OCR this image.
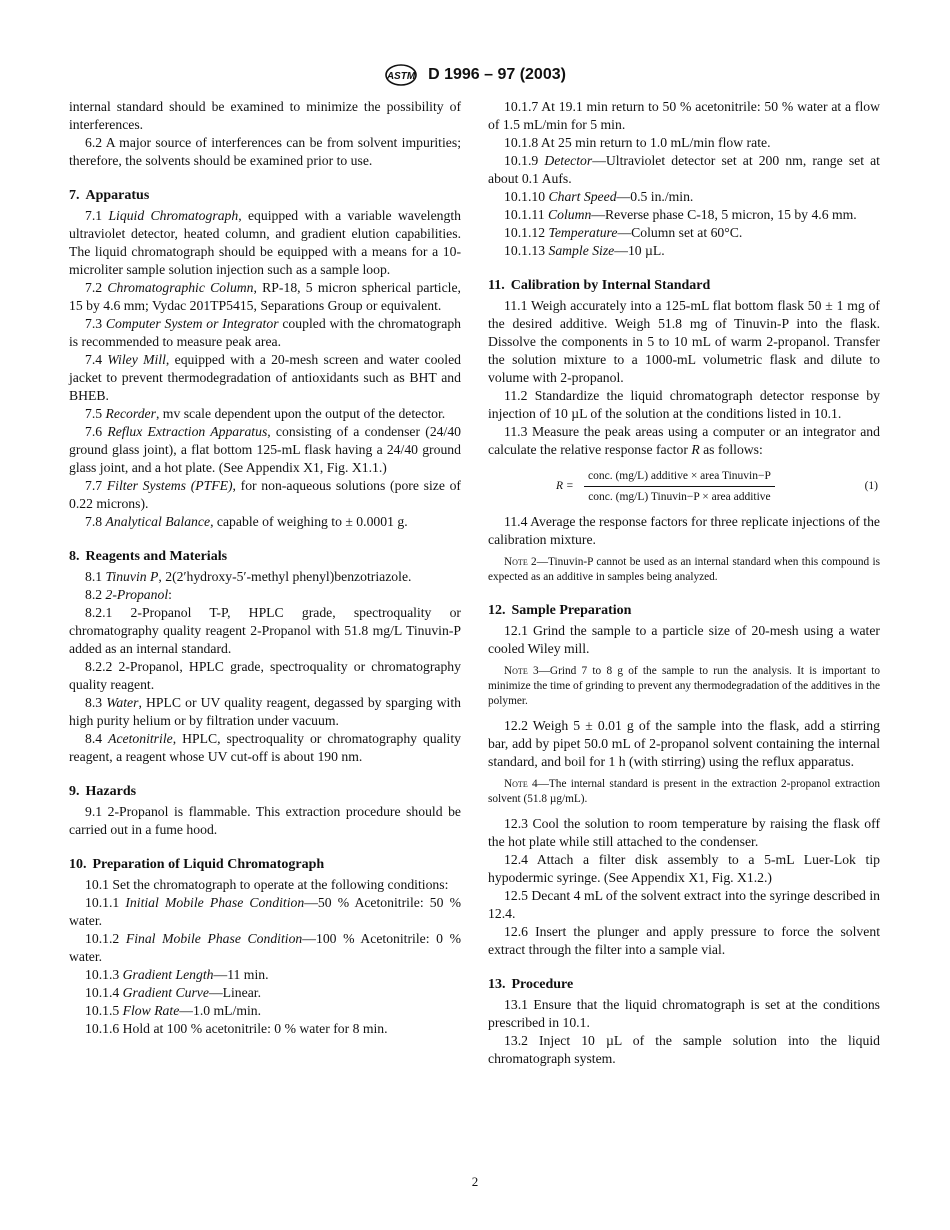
ASTM D 1996 – 97 (2003)

internal standard should be examined to minimize the possibility of interferences.

6.2 A major source of interferences can be from solvent impurities; therefore, the solvents should be examined prior to use.

7. Apparatus

7.1 Liquid Chromatograph, equipped with a variable wavelength ultraviolet detector, heated column, and gradient elution capabilities. The liquid chromatograph should be equipped with a means for a 10-microliter sample solution injection such as a sample loop.

7.2 Chromatographic Column, RP-18, 5 micron spherical particle, 15 by 4.6 mm; Vydac 201TP5415, Separations Group or equivalent.

7.3 Computer System or Integrator coupled with the chromatograph is recommended to measure peak area.

7.4 Wiley Mill, equipped with a 20-mesh screen and water cooled jacket to prevent thermodegradation of antioxidants such as BHT and BHEB.

7.5 Recorder, mv scale dependent upon the output of the detector.

7.6 Reflux Extraction Apparatus, consisting of a condenser (24/40 ground glass joint), a flat bottom 125-mL flask having a 24/40 ground glass joint, and a hot plate. (See Appendix X1, Fig. X1.1.)

7.7 Filter Systems (PTFE), for non-aqueous solutions (pore size of 0.22 microns).

7.8 Analytical Balance, capable of weighing to ± 0.0001 g.

8. Reagents and Materials

8.1 Tinuvin P, 2(2′hydroxy-5′-methyl phenyl)benzotriazole.

8.2 2-Propanol:

8.2.1 2-Propanol T-P, HPLC grade, spectroquality or chromatography quality reagent 2-Propanol with 51.8 mg/L Tinuvin-P added as an internal standard.

8.2.2 2-Propanol, HPLC grade, spectroquality or chromatography quality reagent.

8.3 Water, HPLC or UV quality reagent, degassed by sparging with high purity helium or by filtration under vacuum.

8.4 Acetonitrile, HPLC, spectroquality or chromatography quality reagent, a reagent whose UV cut-off is about 190 nm.

9. Hazards

9.1 2-Propanol is flammable. This extraction procedure should be carried out in a fume hood.

10. Preparation of Liquid Chromatograph

10.1 Set the chromatograph to operate at the following conditions:

10.1.1 Initial Mobile Phase Condition—50 % Acetonitrile: 50 % water.

10.1.2 Final Mobile Phase Condition—100 % Acetonitrile: 0 % water.

10.1.3 Gradient Length—11 min.

10.1.4 Gradient Curve—Linear.

10.1.5 Flow Rate—1.0 mL/min.

10.1.6 Hold at 100 % acetonitrile: 0 % water for 8 min.

10.1.7 At 19.1 min return to 50 % acetonitrile: 50 % water at a flow of 1.5 mL/min for 5 min.

10.1.8 At 25 min return to 1.0 mL/min flow rate.

10.1.9 Detector—Ultraviolet detector set at 200 nm, range set at about 0.1 Aufs.

10.1.10 Chart Speed—0.5 in./min.

10.1.11 Column—Reverse phase C-18, 5 micron, 15 by 4.6 mm.

10.1.12 Temperature—Column set at 60°C.

10.1.13 Sample Size—10 µL.

11. Calibration by Internal Standard

11.1 Weigh accurately into a 125-mL flat bottom flask 50 ± 1 mg of the desired additive. Weigh 51.8 mg of Tinuvin-P into the flask. Dissolve the components in 5 to 10 mL of warm 2-propanol. Transfer the solution mixture to a 1000-mL volumetric flask and dilute to volume with 2-propanol.

11.2 Standardize the liquid chromatograph detector response by injection of 10 µL of the solution at the conditions listed in 10.1.

11.3 Measure the peak areas using a computer or an integrator and calculate the relative response factor R as follows:

R =
conc. (mg/L) additive × area Tinuvin−P
conc. (mg/L) Tinuvin−P × area additive
(1)

11.4 Average the response factors for three replicate injections of the calibration mixture.

Note 2—Tinuvin-P cannot be used as an internal standard when this compound is expected as an additive in samples being analyzed.

12. Sample Preparation

12.1 Grind the sample to a particle size of 20-mesh using a water cooled Wiley mill.

Note 3—Grind 7 to 8 g of the sample to run the analysis. It is important to minimize the time of grinding to prevent any thermodegradation of the additives in the polymer.

12.2 Weigh 5 ± 0.01 g of the sample into the flask, add a stirring bar, add by pipet 50.0 mL of 2-propanol solvent containing the internal standard, and boil for 1 h (with stirring) using the reflux apparatus.

Note 4—The internal standard is present in the extraction 2-propanol extraction solvent (51.8 µg/mL).

12.3 Cool the solution to room temperature by raising the flask off the hot plate while still attached to the condenser.

12.4 Attach a filter disk assembly to a 5-mL Luer-Lok tip hypodermic syringe. (See Appendix X1, Fig. X1.2.)

12.5 Decant 4 mL of the solvent extract into the syringe described in 12.4.

12.6 Insert the plunger and apply pressure to force the solvent extract through the filter into a sample vial.

13. Procedure

13.1 Ensure that the liquid chromatograph is set at the conditions prescribed in 10.1.

13.2 Inject 10 µL of the sample solution into the liquid chromatograph system.

2
